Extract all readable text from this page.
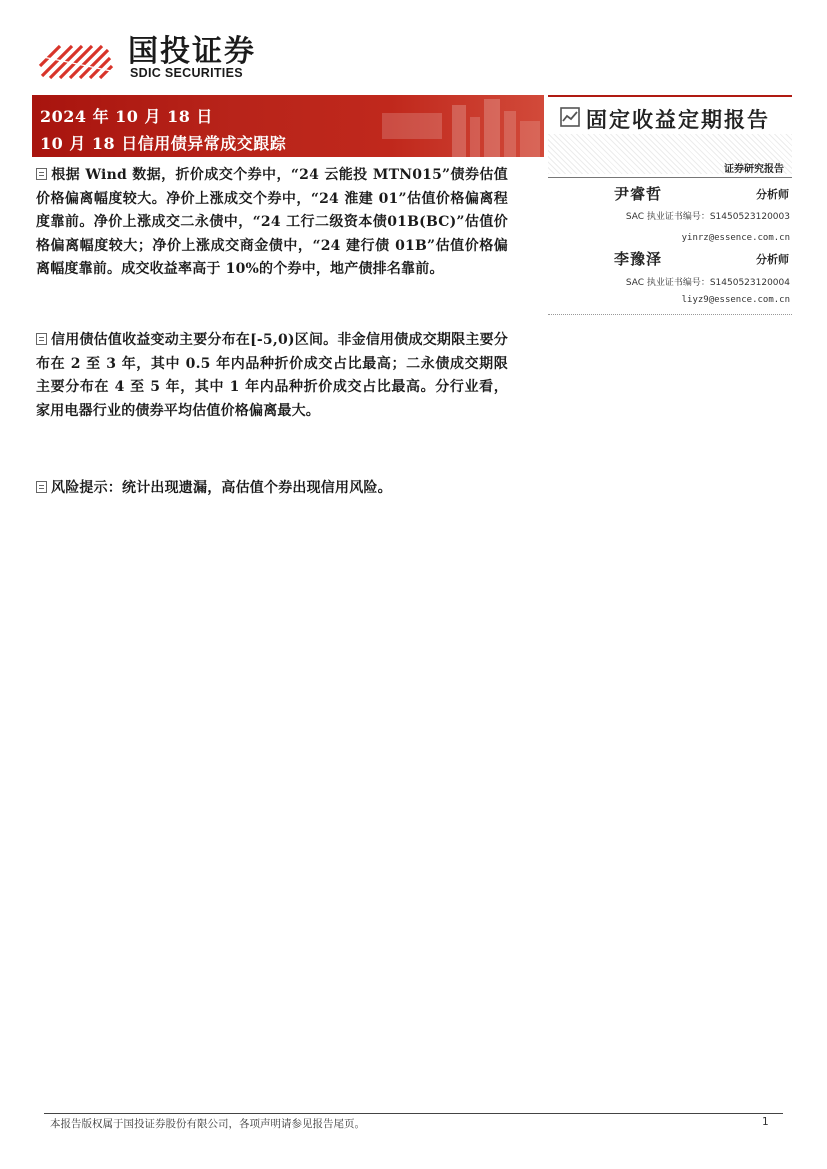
国投证券
SDIC SECURITIES
2024 年 10 月 18 日
10 月 18 日信用债异常成交跟踪
固定收益定期报告
证券研究报告
尹睿哲	分析师
SAC 执业证书编号：S1450523120003
yinrz@essence.com.cn
李豫泽	分析师
SAC 执业证书编号：S1450523120004
liyz9@essence.com.cn
根据 Wind 数据，折价成交个券中，“24 云能投 MTN015”债券估值价格偏离幅度较大。净价上涨成交个券中，“24 淮建 01”估值价格偏离程度靠前。净价上涨成交二永债中，“24 工行二级资本债01B(BC)”估值价格偏离幅度较大；净价上涨成交商金债中，“24 建行债 01B”估值价格偏离幅度靠前。成交收益率高于 10%的个券中，地产债排名靠前。
信用债估值收益变动主要分布在[-5,0)区间。非金信用债成交期限主要分布在 2 至 3 年，其中 0.5 年内品种折价成交占比最高；二永债成交期限主要分布在 4 至 5 年，其中 1 年内品种折价成交占比最高。分行业看，家用电器行业的债券平均估值价格偏离最大。
风险提示：统计出现遗漏，高估值个券出现信用风险。
本报告版权属于国投证券股份有限公司，各项声明请参见报告尾页。	1
